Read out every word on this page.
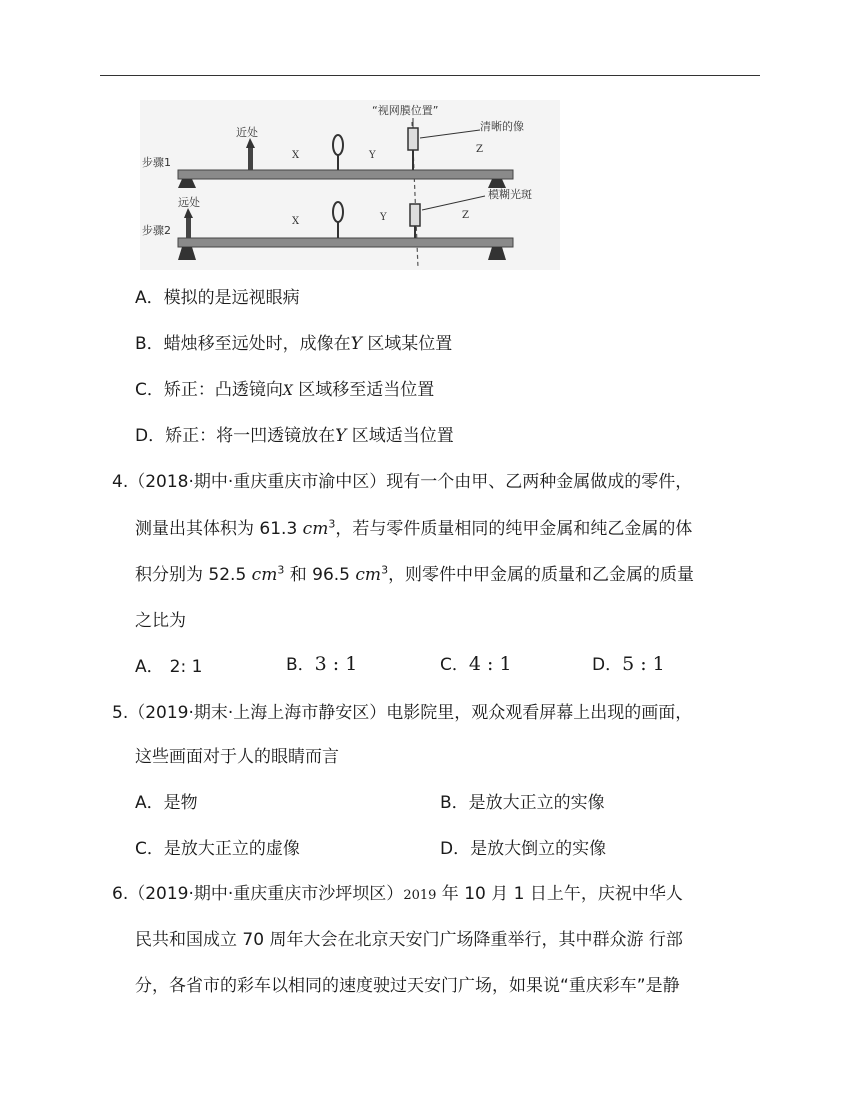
“视网膜位置”
清晰的像
模糊光斑
步骤1
步骤2
近处
远处
X	Y
Z
X	Y	Z
A．模拟的是远视眼病
B．蜡烛移至远处时，成像在Y 区域某位置
C．矫正：凸透镜向X 区域移至适当位置
D．矫正：将一凹透镜放在Y 区域适当位置
4.（2018·期中·重庆重庆市渝中区）现有一个由甲、乙两种金属做成的零件，
测量出其体积为 61.3 $cm^3$，若与零件质量相同的纯甲金属和纯乙金属的体
积分别为 52.5 $cm^3$ 和 96.5 $cm^3$，则零件中甲金属的质量和乙金属的质量
之比为
A． 2: 1	B．3 : 1	C．4 : 1	D．5 : 1
5.（2019·期末·上海上海市静安区）电影院里，观众观看屏幕上出现的画面，
这些画面对于人的眼睛而言
A．是物	B．是放大正立的实像
C．是放大正立的虚像	D．是放大倒立的实像
6.（2019·期中·重庆重庆市沙坪坝区）2019 年 10 月 1 日上午，庆祝中华人
民共和国成立 70 周年大会在北京天安门广场降重举行，其中群众游 行部
分，各省市的彩车以相同的速度驶过天安门广场，如果说“重庆彩车”是静
